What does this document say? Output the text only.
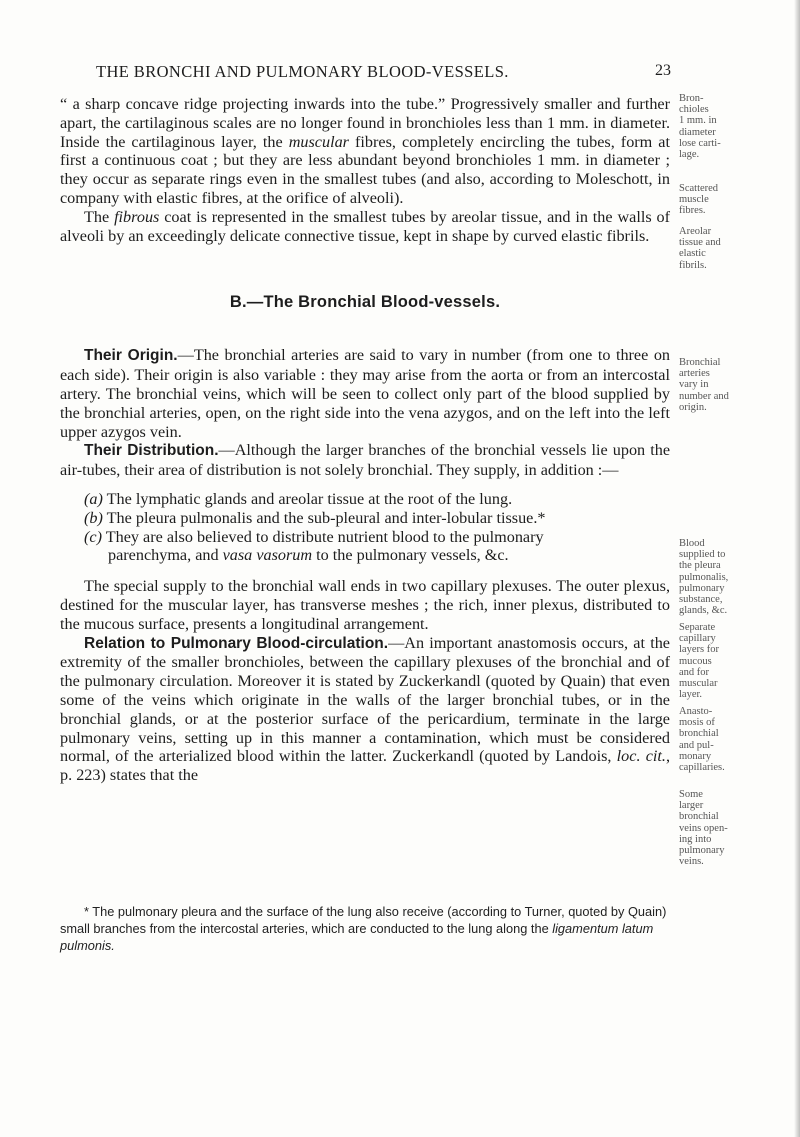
THE BRONCHI AND PULMONARY BLOOD-VESSELS.	23

“ a sharp concave ridge projecting inwards into the tube.” Progressively smaller and further apart, the cartilaginous scales are no longer found in bronchioles less than 1 mm. in diameter. Inside the cartilaginous layer, the muscular fibres, completely encircling the tubes, form at first a continuous coat ; but they are less abundant beyond bronchioles 1 mm. in diameter ; they occur as separate rings even in the smallest tubes (and also, according to Moleschott, in company with elastic fibres, at the orifice of alveoli).

The fibrous coat is represented in the smallest tubes by areolar tissue, and in the walls of alveoli by an exceedingly delicate connective tissue, kept in shape by curved elastic fibrils.

B.—The Bronchial Blood-vessels.

Their Origin.—The bronchial arteries are said to vary in number (from one to three on each side). Their origin is also variable : they may arise from the aorta or from an intercostal artery. The bronchial veins, which will be seen to collect only part of the blood supplied by the bronchial arteries, open, on the right side into the vena azygos, and on the left into the left upper azygos vein.

Their Distribution.—Although the larger branches of the bronchial vessels lie upon the air-tubes, their area of distribution is not solely bronchial. They supply, in addition :—

(a) The lymphatic glands and areolar tissue at the root of the lung.
(b) The pleura pulmonalis and the sub-pleural and inter-lobular tissue.*
(c) They are also believed to distribute nutrient blood to the pulmonary
parenchyma, and vasa vasorum to the pulmonary vessels, &c.

The special supply to the bronchial wall ends in two capillary plexuses. The outer plexus, destined for the muscular layer, has transverse meshes ; the rich, inner plexus, distributed to the mucous surface, presents a longitudinal arrangement.

Relation to Pulmonary Blood-circulation.—An important anastomosis occurs, at the extremity of the smaller bronchioles, between the capillary plexuses of the bronchial and of the pulmonary circulation. Moreover it is stated by Zuckerkandl (quoted by Quain) that even some of the veins which originate in the walls of the larger bronchial tubes, or in the bronchial glands, or at the posterior surface of the pericardium, terminate in the large pulmonary veins, setting up in this manner a contamination, which must be considered normal, of the arterialized blood within the latter. Zuckerkandl (quoted by Landois, loc. cit., p. 223) states that the

Bron-
chioles
1 mm. in
diameter
lose carti-
lage.
Scattered
muscle
fibres.
Areolar
tissue and
elastic
fibrils.
Bronchial
arteries
vary in
number and
origin.
Blood
supplied to
the pleura
pulmonalis,
pulmonary
substance,
glands, &c.
Separate
capillary
layers for
mucous
and for
muscular
layer.
Anasto-
mosis of
bronchial
and pul-
monary
capillaries.
Some
larger
bronchial
veins open-
ing into
pulmonary
veins.

* The pulmonary pleura and the surface of the lung also receive (according to Turner, quoted by Quain) small branches from the intercostal arteries, which are conducted to the lung along the ligamentum latum pulmonis.
